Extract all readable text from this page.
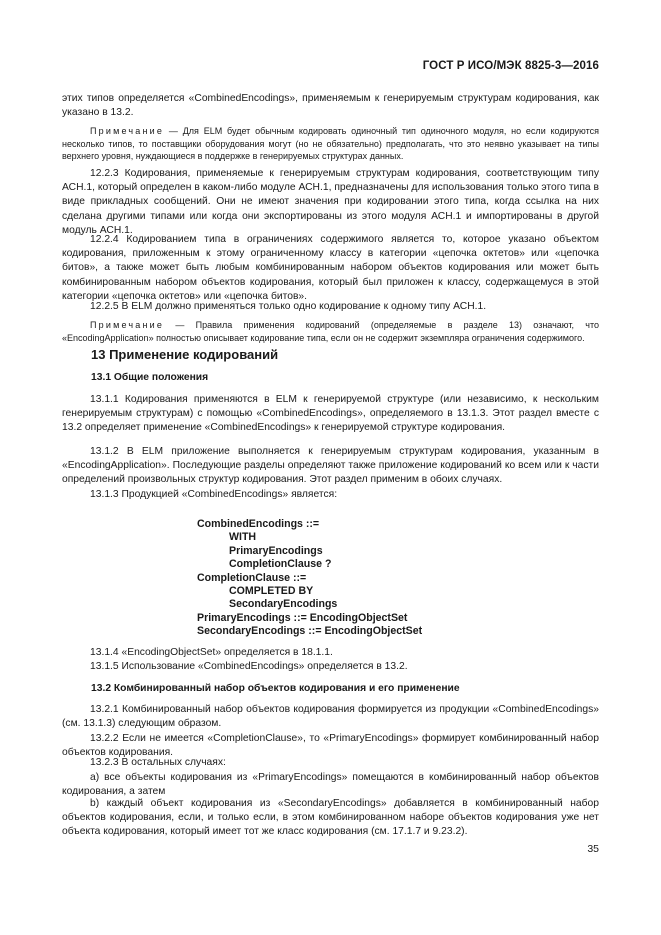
ГОСТ Р ИСО/МЭК 8825-3—2016

этих типов определяется «CombinedEncodings», применяемым к генерируемым структурам кодирования, как указано в 13.2.

Примечание — Для ELM будет обычным кодировать одиночный тип одиночного модуля, но если кодируются несколько типов, то поставщики оборудования могут (но не обязательно) предполагать, что это неявно указывает на типы верхнего уровня, нуждающиеся в поддержке в генерируемых структурах данных.

12.2.3 Кодирования, применяемые к генерируемым структурам кодирования, соответствующим типу АСН.1, который определен в каком-либо модуле АСН.1, предназначены для использования только этого типа в виде прикладных сообщений. Они не имеют значения при кодировании этого типа, когда ссылка на них сделана другими типами или когда они экспортированы из этого модуля АСН.1 и импортированы в другой модуль АСН.1.

12.2.4 Кодированием типа в ограничениях содержимого является то, которое указано объектом кодирования, приложенным к этому ограниченному классу в категории «цепочка октетов» или «цепочка битов», а также может быть любым комбинированным набором объектов кодирования или может быть комбинированным набором объектов кодирования, который был приложен к классу, содержащемуся в этой категории «цепочка октетов» или «цепочка битов».

12.2.5 В ELM должно применяться только одно кодирование к одному типу АСН.1.

Примечание — Правила применения кодирований (определяемые в разделе 13) означают, что «EncodingApplication» полностью описывает кодирование типа, если он не содержит экземпляра ограничения содержимого.

13 Применение кодирований
13.1 Общие положения

13.1.1 Кодирования применяются в ELM к генерируемой структуре (или независимо, к нескольким генерируемым структурам) с помощью «CombinedEncodings», определяемого в 13.1.3. Этот раздел вместе с 13.2 определяет применение «CombinedEncodings» к генерируемой структуре кодирования.

13.1.2 В ELM приложение выполняется к генерируемым структурам кодирования, указанным в «EncodingApplication». Последующие разделы определяют также приложение кодирований ко всем или к части определений произвольных структур кодирования. Этот раздел применим в обоих случаях.

13.1.3 Продукцией «CombinedEncodings» является:

CombinedEncodings ::=
WITH
PrimaryEncodings
CompletionClause ?
CompletionClause ::=
COMPLETED BY
SecondaryEncodings
PrimaryEncodings ::= EncodingObjectSet
SecondaryEncodings ::= EncodingObjectSet

13.1.4 «EncodingObjectSet» определяется в 18.1.1.

13.1.5 Использование «CombinedEncodings» определяется в 13.2.

13.2 Комбинированный набор объектов кодирования и его применение

13.2.1 Комбинированный набор объектов кодирования формируется из продукции «CombinedEncodings» (см. 13.1.3) следующим образом.

13.2.2 Если не имеется «CompletionClause», то «PrimaryEncodings» формирует комбинированный набор объектов кодирования.

13.2.3 В остальных случаях:

а) все объекты кодирования из «PrimaryEncodings» помещаются в комбинированный набор объектов кодирования, а затем

b) каждый объект кодирования из «SecondaryEncodings» добавляется в комбинированный набор объектов кодирования, если, и только если, в этом комбинированном наборе объектов кодирования уже нет объекта кодирования, который имеет тот же класс кодирования (см. 17.1.7 и 9.23.2).

35
